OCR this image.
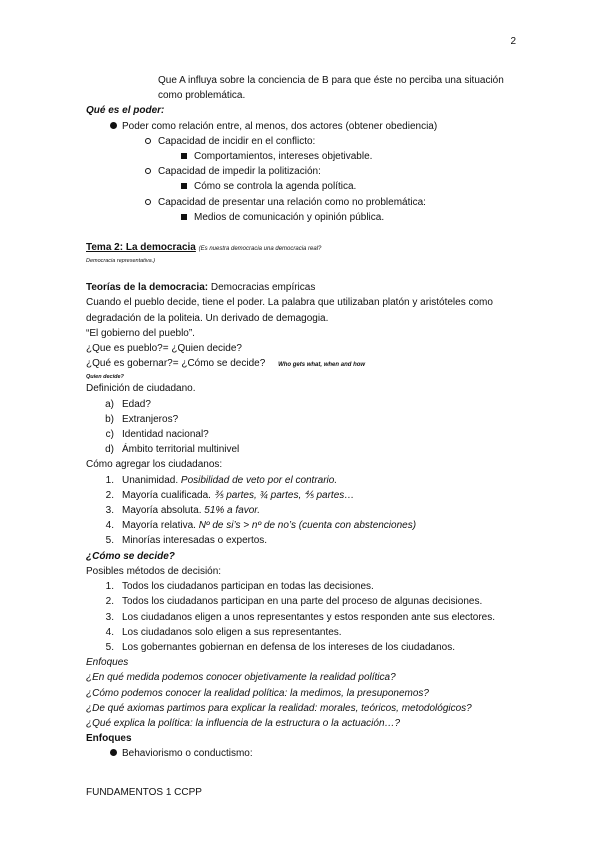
2
Que A influya sobre la conciencia de B para que éste no perciba una situación
como problemática.
Qué es el poder:
Poder como relación entre, al menos, dos actores (obtener obediencia)
Capacidad de incidir en el conflicto:
Comportamientos, intereses objetivable.
Capacidad de impedir la politización:
Cómo se controla la agenda política.
Capacidad de presentar una relación como no problemática:
Medios de comunicación y opinión pública.
Tema 2: La democracia (Es nuestra democracia una democracia real?
Democracia representativa.)
Teorías de la democracia: Democracias empíricas
Cuando el pueblo decide, tiene el poder. La palabra que utilizaban platón y aristóteles como
degradación de la politeia. Un derivado de demagogia.
“El gobierno del pueblo”.
¿Que es pueblo?= ¿Quien decide?
¿Qué es gobernar?= ¿Cómo se decide? Who gets what, when and how
Quien decide?
Definición de ciudadano.
a) Edad?
b) Extranjeros?
c) Identidad nacional?
d) Ámbito territorial multinivel
Cómo agregar los ciudadanos:
1. Unanimidad. Posibilidad de veto por el contrario.
2. Mayoría cualificada. ⅗ partes, ¾ partes, ⅘ partes…
3. Mayoría absoluta. 51% a favor.
4. Mayoría relativa. Nº de si’s > nº de no’s (cuenta con abstenciones)
5. Minorías interesadas o expertos.
¿Cómo se decide?
Posibles métodos de decisión:
1. Todos los ciudadanos participan en todas las decisiones.
2. Todos los ciudadanos participan en una parte del proceso de algunas decisiones.
3. Los ciudadanos eligen a unos representantes y estos responden ante sus electores.
4. Los ciudadanos solo eligen a sus representantes.
5. Los gobernantes gobiernan en defensa de los intereses de los ciudadanos.
Enfoques
¿En qué medida podemos conocer objetivamente la realidad política?
¿Cómo podemos conocer la realidad política: la medimos, la presuponemos?
¿De qué axiomas partimos para explicar la realidad: morales, teóricos, metodológicos?
¿Qué explica la política: la influencia de la estructura o la actuación…?
Enfoques
Behaviorismo o conductismo:
FUNDAMENTOS 1 CCPP
